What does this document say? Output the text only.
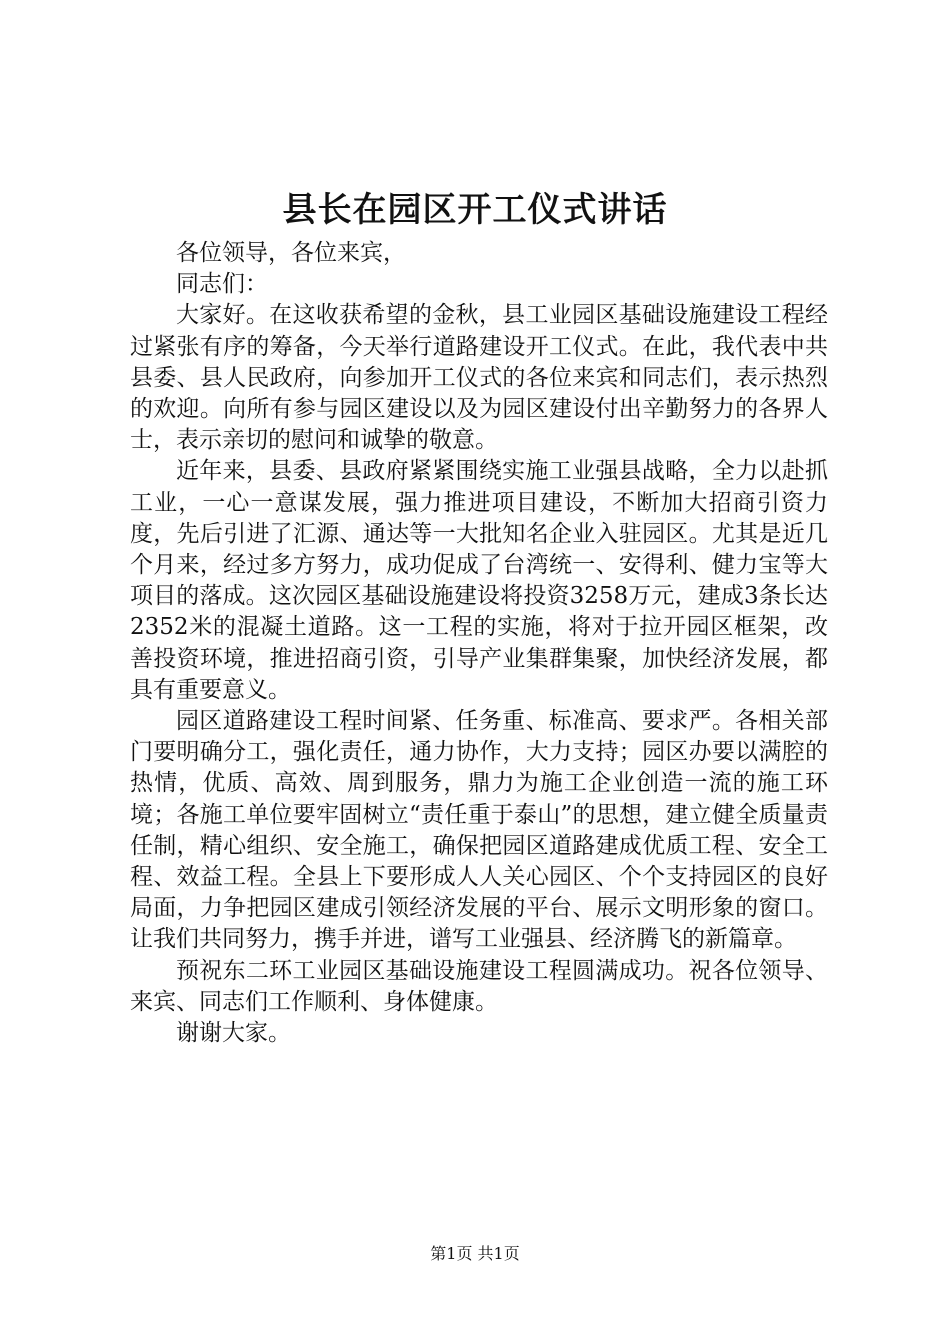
县长在园区开工仪式讲话

各位领导，各位来宾，

同志们：

大家好。在这收获希望的金秋，县工业园区基础设施建设工程经过紧张有序的筹备，今天举行道路建设开工仪式。在此，我代表中共县委、县人民政府，向参加开工仪式的各位来宾和同志们，表示热烈的欢迎。向所有参与园区建设以及为园区建设付出辛勤努力的各界人士，表示亲切的慰问和诚挚的敬意。

近年来，县委、县政府紧紧围绕实施工业强县战略，全力以赴抓工业，一心一意谋发展，强力推进项目建设，不断加大招商引资力度，先后引进了汇源、通达等一大批知名企业入驻园区。尤其是近几个月来，经过多方努力，成功促成了台湾统一、安得利、健力宝等大项目的落成。这次园区基础设施建设将投资3258万元，建成3条长达2352米的混凝土道路。这一工程的实施，将对于拉开园区框架，改善投资环境，推进招商引资，引导产业集群集聚，加快经济发展，都具有重要意义。

园区道路建设工程时间紧、任务重、标准高、要求严。各相关部门要明确分工，强化责任，通力协作，大力支持；园区办要以满腔的热情，优质、高效、周到服务，鼎力为施工企业创造一流的施工环境；各施工单位要牢固树立“责任重于泰山”的思想，建立健全质量责任制，精心组织、安全施工，确保把园区道路建成优质工程、安全工程、效益工程。全县上下要形成人人关心园区、个个支持园区的良好局面，力争把园区建成引领经济发展的平台、展示文明形象的窗口。让我们共同努力，携手并进，谱写工业强县、经济腾飞的新篇章。

预祝东二环工业园区基础设施建设工程圆满成功。祝各位领导、来宾、同志们工作顺利、身体健康。

谢谢大家。

第1页 共1页
